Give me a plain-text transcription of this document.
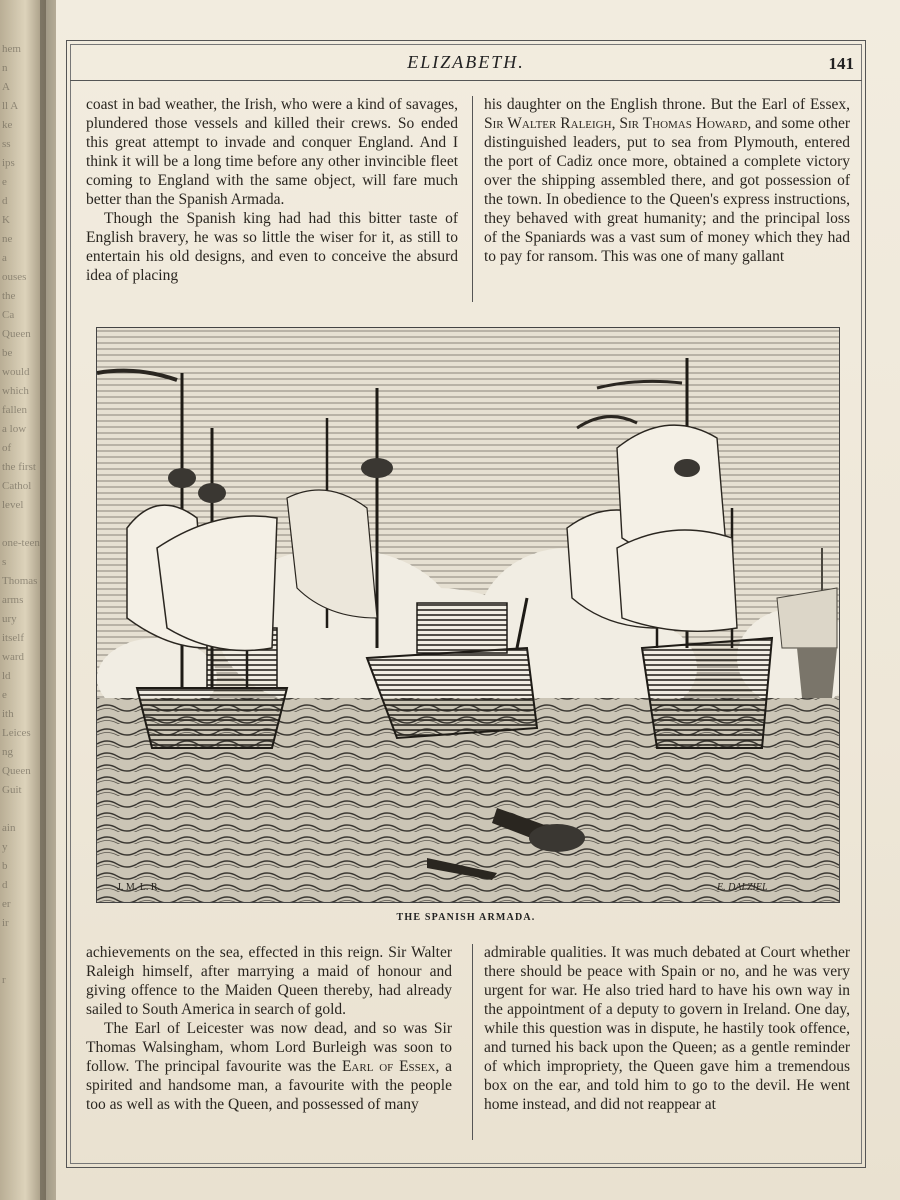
hem
n
A
ll A
ke
ss
ips
e
d
K
ne
a
ouses
the
Ca
Queen
be
would
which
fallen
a low
of
the first
Cathol
level

one-teen
s
Thomas
arms
ury
itself
ward
ld
e
ith
Leices
ng
Queen
Guit

ain
y
b
d
er
ir

r
ELIZABETH.	141

coast in bad weather, the Irish, who were a kind of savages, plundered those vessels and killed their crews. So ended this great attempt to invade and conquer England. And I think it will be a long time before any other invincible fleet coming to England with the same object, will fare much better than the Spanish Armada.

Though the Spanish king had had this bitter taste of English bravery, he was so little the wiser for it, as still to entertain his old designs, and even to conceive the absurd idea of placing

his daughter on the English throne. But the Earl of Essex, Sir Walter Raleigh, Sir Thomas Howard, and some other distinguished leaders, put to sea from Plymouth, entered the port of Cadiz once more, obtained a complete victory over the shipping assembled there, and got possession of the town. In obedience to the Queen's express instructions, they behaved with great humanity; and the principal loss of the Spaniards was a vast sum of money which they had to pay for ransom. This was one of many gallant

J. M. L. R.	E. DALZIEL
THE SPANISH ARMADA.

achievements on the sea, effected in this reign. Sir Walter Raleigh himself, after marrying a maid of honour and giving offence to the Maiden Queen thereby, had already sailed to South America in search of gold.

The Earl of Leicester was now dead, and so was Sir Thomas Walsingham, whom Lord Burleigh was soon to follow. The principal favourite was the Earl of Essex, a spirited and handsome man, a favourite with the people too as well as with the Queen, and possessed of many

admirable qualities. It was much debated at Court whether there should be peace with Spain or no, and he was very urgent for war. He also tried hard to have his own way in the appointment of a deputy to govern in Ireland. One day, while this question was in dispute, he hastily took offence, and turned his back upon the Queen; as a gentle reminder of which impropriety, the Queen gave him a tremendous box on the ear, and told him to go to the devil. He went home instead, and did not reappear at
